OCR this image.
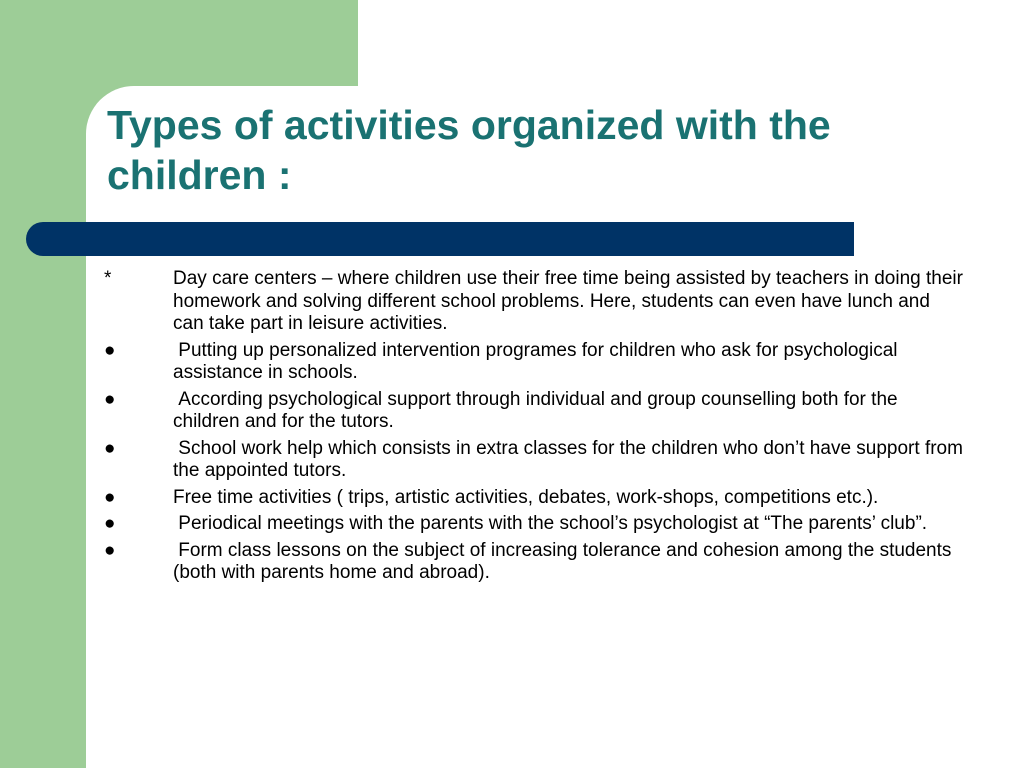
Types of activities organized with the children :
*	Day care centers – where children use their free time being assisted by teachers in doing their homework and solving different school problems. Here, students can even have lunch and can take part in leisure activities.
●	Putting up personalized intervention programes for children who ask for psychological assistance in schools.
●	According psychological support through individual and group counselling both for the children and for the tutors.
●	School work help which consists in extra classes for the children who don’t have support from the appointed tutors.
●	Free time activities ( trips, artistic activities, debates, work-shops, competitions etc.).
●	Periodical meetings with the parents with the school’s psychologist at “The parents’ club”.
●	Form class lessons on the subject of increasing tolerance and cohesion among the students (both with parents home and abroad).
